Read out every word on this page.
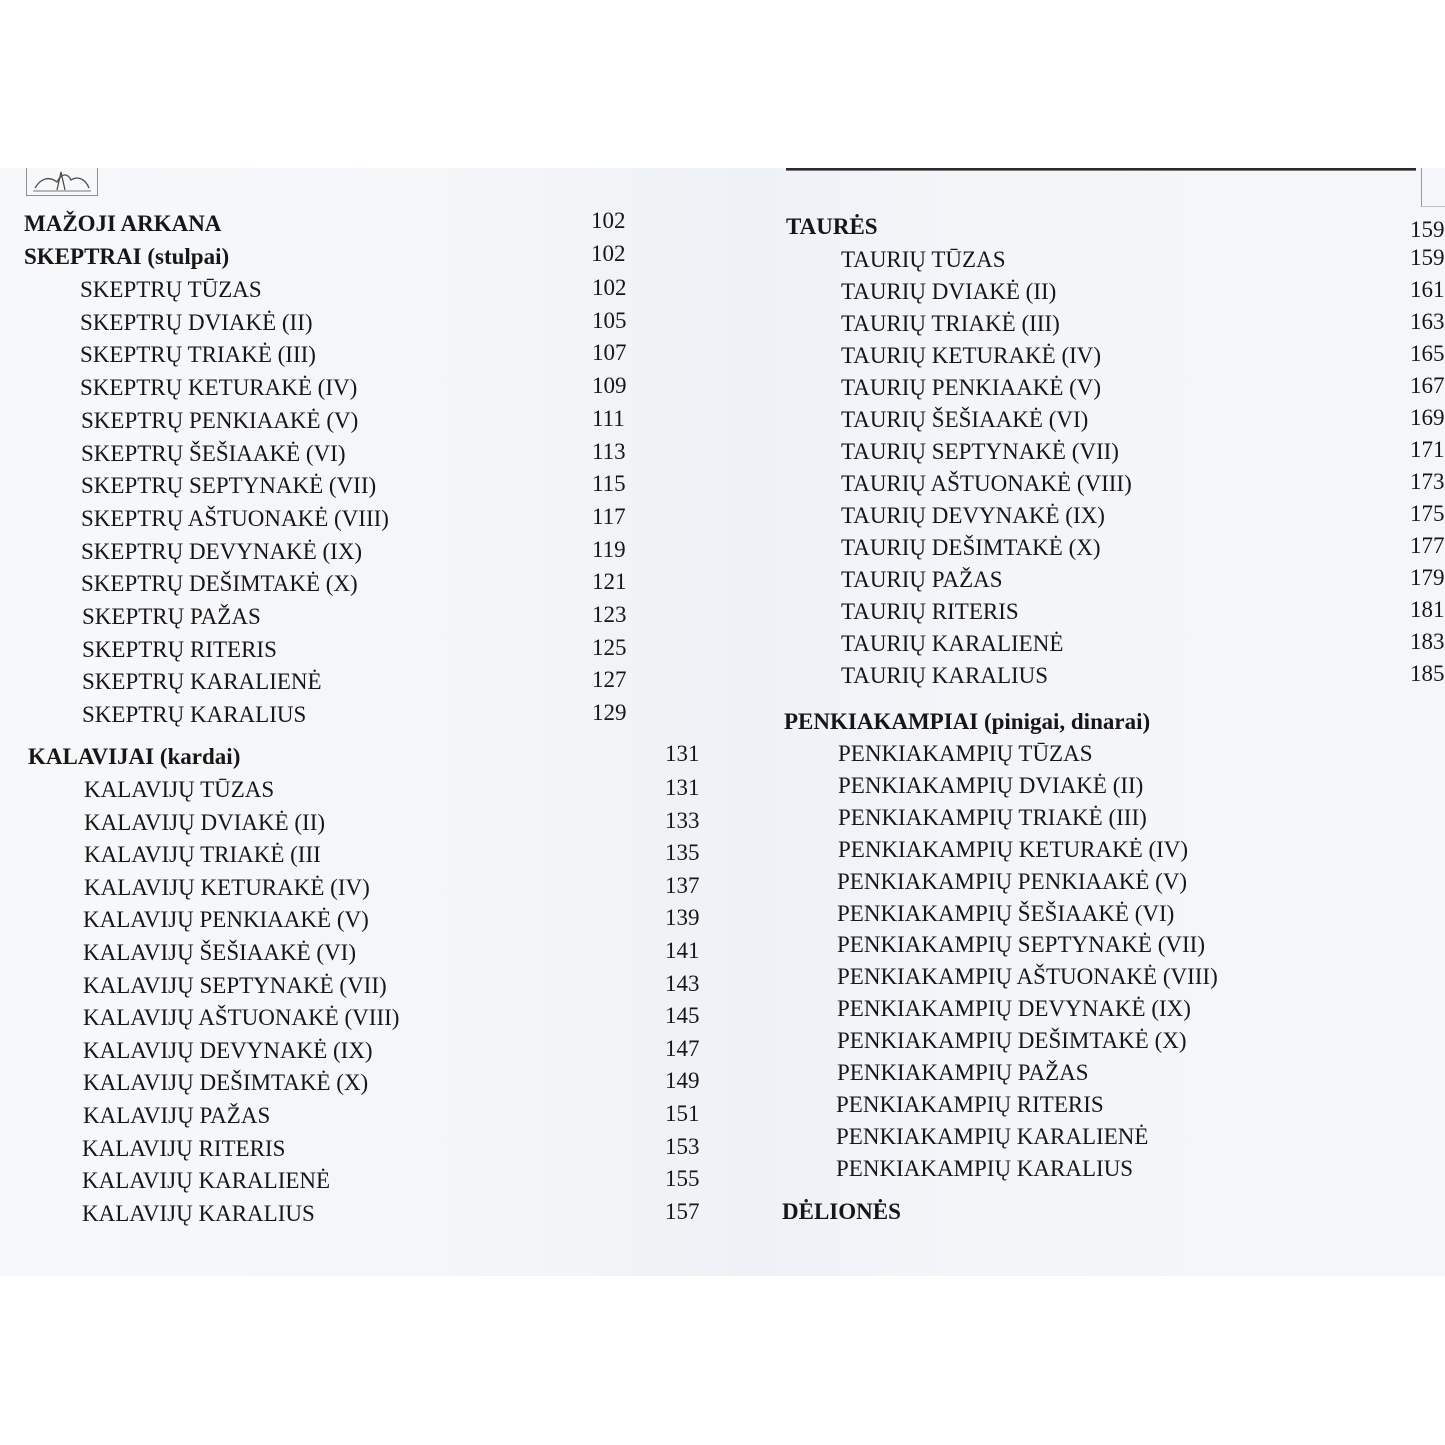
MAŽOJI ARKANA	102
SKEPTRAI (stulpai)	102
SKEPTRŲ TŪZAS	102
SKEPTRŲ DVIAKĖ (II)	105
SKEPTRŲ TRIAKĖ (III)	107
SKEPTRŲ KETURAKĖ (IV)	109
SKEPTRŲ PENKIAAKĖ (V)	111
SKEPTRŲ ŠEŠIAAKĖ (VI)	113
SKEPTRŲ SEPTYNAKĖ (VII)	115
SKEPTRŲ AŠTUONAKĖ (VIII)	117
SKEPTRŲ DEVYNAKĖ (IX)	119
SKEPTRŲ DEŠIMTAKĖ (X)	121
SKEPTRŲ PAŽAS	123
SKEPTRŲ RITERIS	125
SKEPTRŲ KARALIENĖ	127
SKEPTRŲ KARALIUS	129
KALAVIJAI (kardai)	131
KALAVIJŲ TŪZAS	131
KALAVIJŲ DVIAKĖ (II)	133
KALAVIJŲ TRIAKĖ (III	135
KALAVIJŲ KETURAKĖ (IV)	137
KALAVIJŲ PENKIAAKĖ (V)	139
KALAVIJŲ ŠEŠIAAKĖ (VI)	141
KALAVIJŲ SEPTYNAKĖ (VII)	143
KALAVIJŲ AŠTUONAKĖ (VIII)	145
KALAVIJŲ DEVYNAKĖ (IX)	147
KALAVIJŲ DEŠIMTAKĖ (X)	149
KALAVIJŲ PAŽAS	151
KALAVIJŲ RITERIS	153
KALAVIJŲ KARALIENĖ	155
KALAVIJŲ KARALIUS	157
TAURĖS	159
TAURIŲ TŪZAS	159
TAURIŲ DVIAKĖ (II)	161
TAURIŲ TRIAKĖ (III)	163
TAURIŲ KETURAKĖ (IV)	165
TAURIŲ PENKIAAKĖ (V)	167
TAURIŲ ŠEŠIAAKĖ (VI)	169
TAURIŲ SEPTYNAKĖ (VII)	171
TAURIŲ AŠTUONAKĖ (VIII)	173
TAURIŲ DEVYNAKĖ (IX)	175
TAURIŲ DEŠIMTAKĖ (X)	177
TAURIŲ PAŽAS	179
TAURIŲ RITERIS	181
TAURIŲ KARALIENĖ	183
TAURIŲ KARALIUS	185
PENKIAKAMPIAI (pinigai, dinarai)
PENKIAKAMPIŲ TŪZAS
PENKIAKAMPIŲ DVIAKĖ (II)
PENKIAKAMPIŲ TRIAKĖ (III)
PENKIAKAMPIŲ KETURAKĖ (IV)
PENKIAKAMPIŲ PENKIAAKĖ (V)
PENKIAKAMPIŲ ŠEŠIAAKĖ (VI)
PENKIAKAMPIŲ SEPTYNAKĖ (VII)
PENKIAKAMPIŲ AŠTUONAKĖ (VIII)
PENKIAKAMPIŲ DEVYNAKĖ (IX)
PENKIAKAMPIŲ DEŠIMTAKĖ (X)
PENKIAKAMPIŲ PAŽAS
PENKIAKAMPIŲ RITERIS
PENKIAKAMPIŲ KARALIENĖ
PENKIAKAMPIŲ KARALIUS
DĖLIONĖS
